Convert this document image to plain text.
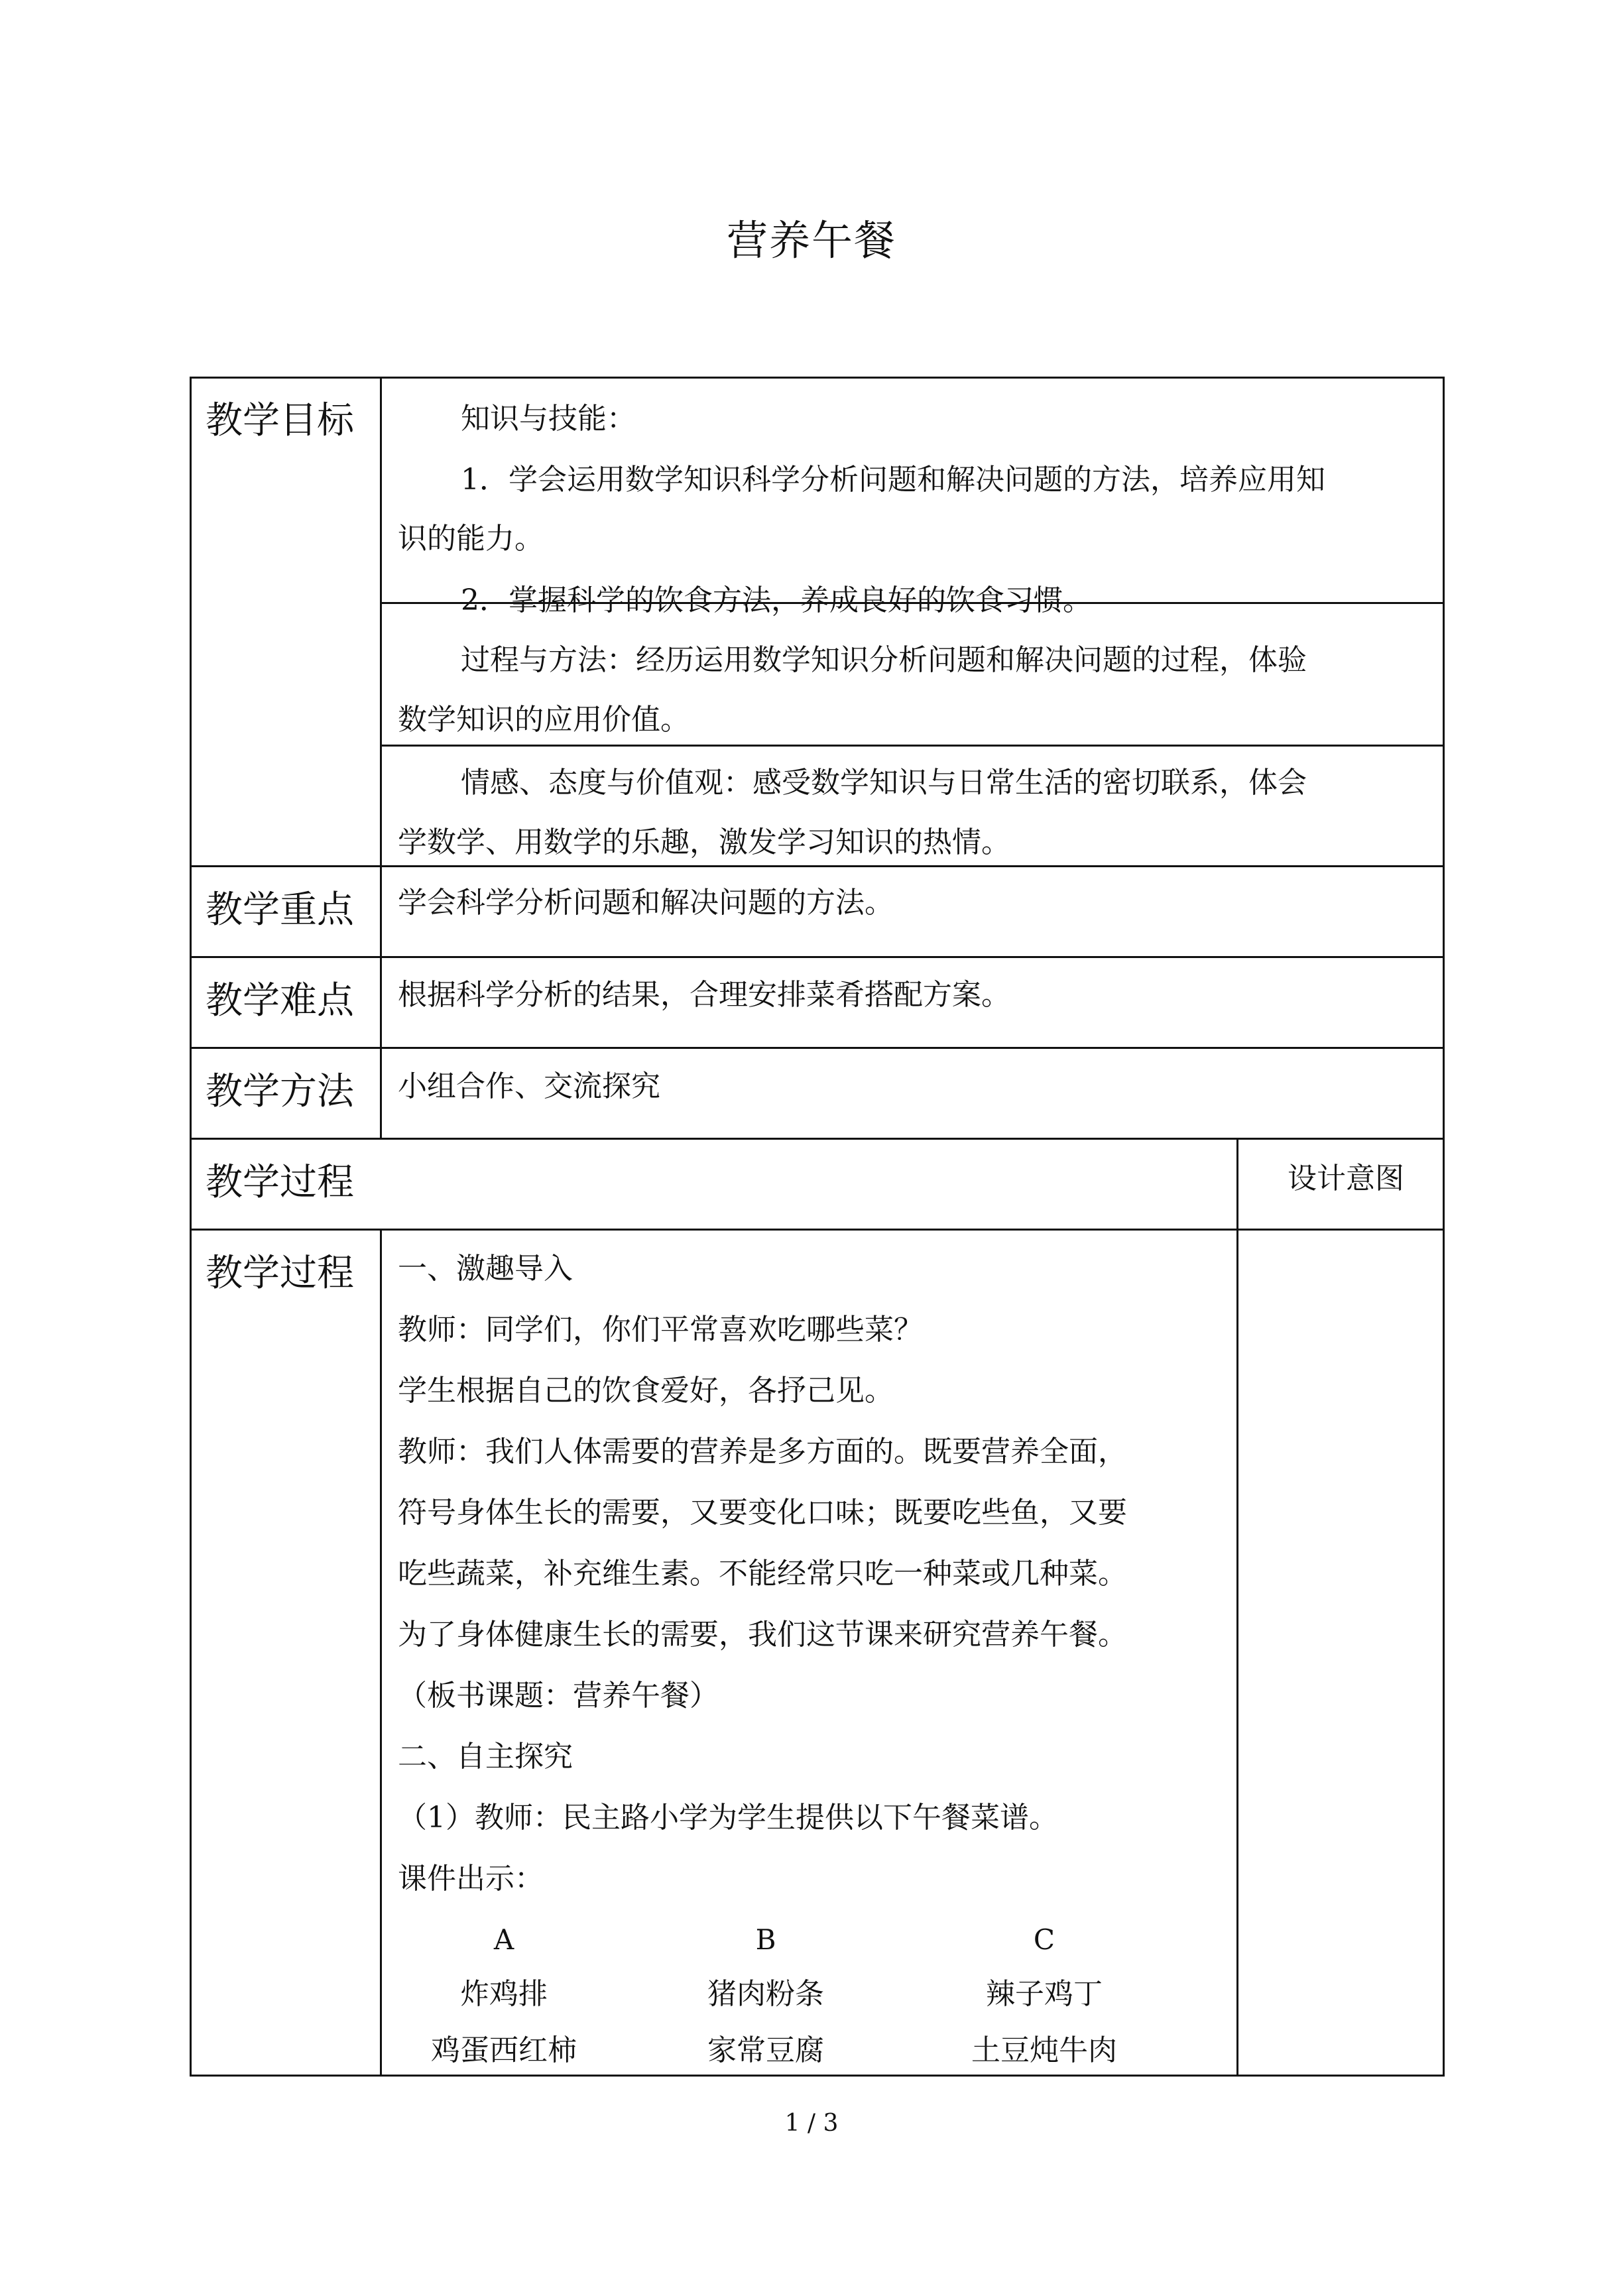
营养午餐
教学目标	知识与技能：
1．学会运用数学知识科学分析问题和解决问题的方法，培养应用知
识的能力。
2．掌握科学的饮食方法，养成良好的饮食习惯。
过程与方法：经历运用数学知识分析问题和解决问题的过程，体验
数学知识的应用价值。
情感、态度与价值观：感受数学知识与日常生活的密切联系，体会
学数学、用数学的乐趣，激发学习知识的热情。
教学重点 学会科学分析问题和解决问题的方法。
教学难点 根据科学分析的结果，合理安排菜肴搭配方案。
教学方法 小组合作、交流探究
教学过程	设计意图
教学过程 一、激趣导入
教师：同学们，你们平常喜欢吃哪些菜？
学生根据自己的饮食爱好，各抒己见。
教师：我们人体需要的营养是多方面的。既要营养全面，
符号身体生长的需要，又要变化口味；既要吃些鱼，又要
吃些蔬菜，补充维生素。不能经常只吃一种菜或几种菜。
为了身体健康生长的需要，我们这节课来研究营养午餐。
（板书课题：营养午餐）
二、自主探究
（1）教师：民主路小学为学生提供以下午餐菜谱。
课件出示：
A	B	C
炸鸡排	猪肉粉条	辣子鸡丁
鸡蛋西红柿	家常豆腐	土豆炖牛肉
1 / 3
